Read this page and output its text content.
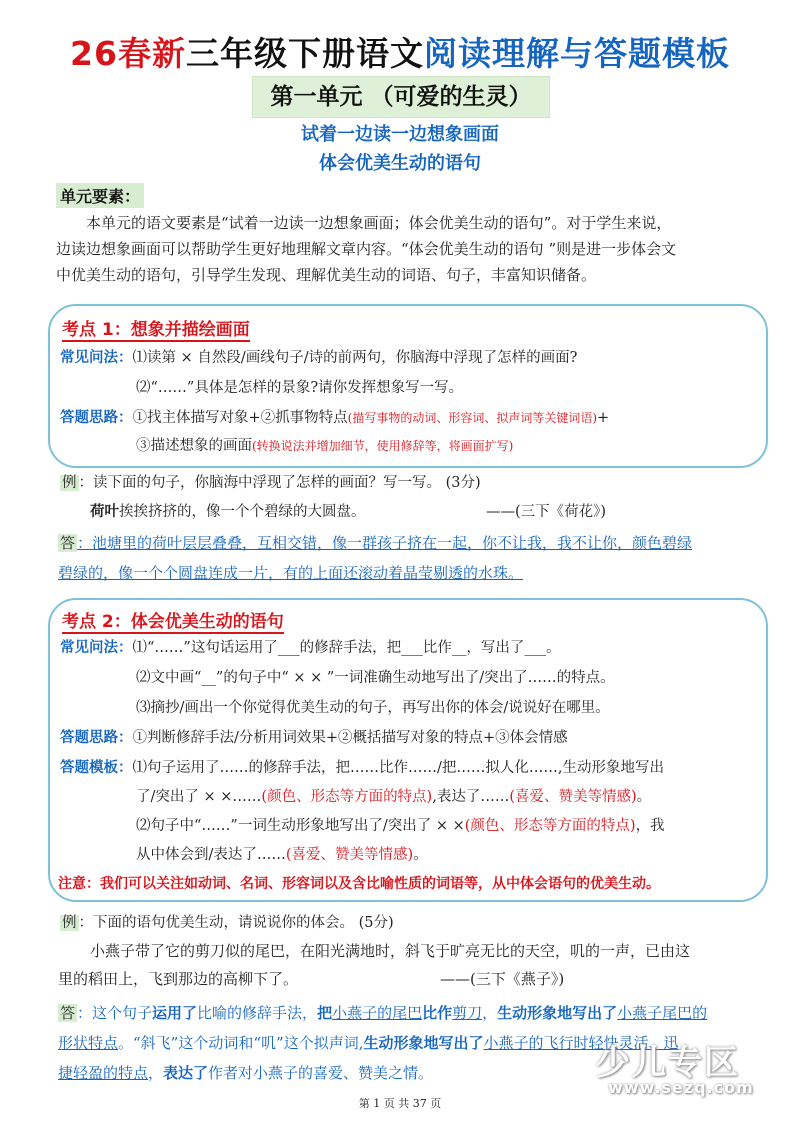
26春新三年级下册语文阅读理解与答题模板
第一单元 （可爱的生灵）
试着一边读一边想象画面
体会优美生动的语句
单元要素：
本单元的语文要素是“试着一边读一边想象画面；体会优美生动的语句”。对于学生来说，
边读边想象画面可以帮助学生更好地理解文章内容。“体会优美生动的语句 ”则是进一步体会文
中优美生动的语句，引导学生发现、理解优美生动的词语、句子，丰富知识储备。
考点 1：想象并描绘画面
常见问法：⑴读第 × 自然段/画线句子/诗的前两句，你脑海中浮现了怎样的画面?
⑵“……”具体是怎样的景象?请你发挥想象写一写。
答题思路：①找主体描写对象+②抓事物特点(描写事物的动词、形容词、拟声词等关键词语)+
③描述想象的画面(转换说法并增加细节，使用修辞等，将画面扩写)
例 ：读下面的句子，你脑海中浮现了怎样的画面？写一写。 (3分)
荷叶挨挨挤挤的，像一个个碧绿的大圆盘。	——(三下《荷花》)
答 ：池塘里的荷叶层层叠叠，互相交错，像一群孩子挤在一起，你不让我，我不让你，颜色碧绿
碧绿的，像一个个圆盘连成一片，有的上面还滚动着晶莹剔透的水珠。
考点 2：体会优美生动的语句
常见问法：⑴“……”这句话运用了___的修辞手法，把___比作__，写出了___。
⑵文中画“__”的句子中“ × × ”一词准确生动地写出了/突出了……的特点。
⑶摘抄/画出一个你觉得优美生动的句子，再写出你的体会/说说好在哪里。
答题思路：①判断修辞手法/分析用词效果+②概括描写对象的特点+③体会情感
答题模板：⑴句子运用了……的修辞手法，把……比作……/把……拟人化……,生动形象地写出
了/突出了 × ×……(颜色、形态等方面的特点),表达了……(喜爱、赞美等情感)。
⑵句子中“……”一词生动形象地写出了/突出了 × ×(颜色、形态等方面的特点)，我
从中体会到/表达了……(喜爱、赞美等情感)。
注意：我们可以关注如动词、名词、形容词以及含比喻性质的词语等，从中体会语句的优美生动。
例 ：下面的语句优美生动，请说说你的体会。 (5分)
小燕子带了它的剪刀似的尾巴，在阳光满地时，斜飞于旷亮无比的天空，叽的一声，已由这
里的稻田上，飞到那边的高柳下了。	——(三下《燕子》)
答 ：这个句子运用了比喻的修辞手法，把小燕子的尾巴比作剪刀，生动形象地写出了小燕子尾巴的
形状特点。“斜飞”这个动词和“叽”这个拟声词,生动形象地写出了小燕子的飞行时轻快灵活、迅
捷轻盈的特点，表达了作者对小燕子的喜爱、赞美之情。	少儿专区
www.sezq.com
第 1 页 共 37 页
